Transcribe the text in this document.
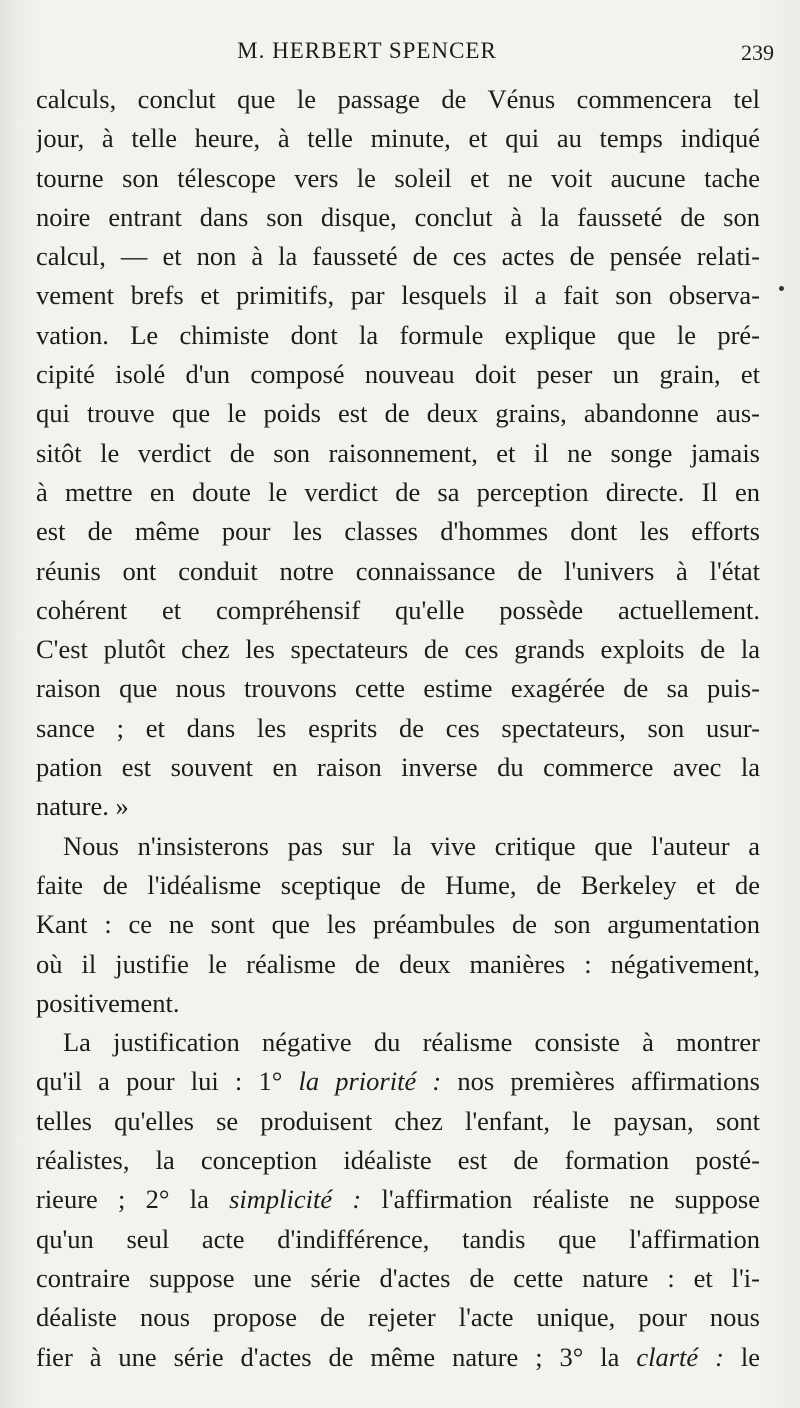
M. HERBERT SPENCER	239
calculs, conclut que le passage de Vénus commencera tel
jour, à telle heure, à telle minute, et qui au temps indiqué
tourne son télescope vers le soleil et ne voit aucune tache
noire entrant dans son disque, conclut à la fausseté de son
calcul, — et non à la fausseté de ces actes de pensée relati-
vement brefs et primitifs, par lesquels il a fait son observa-
vation. Le chimiste dont la formule explique que le pré-
cipité isolé d'un composé nouveau doit peser un grain, et
qui trouve que le poids est de deux grains, abandonne aus-
sitôt le verdict de son raisonnement, et il ne songe jamais
à mettre en doute le verdict de sa perception directe. Il en
est de même pour les classes d'hommes dont les efforts
réunis ont conduit notre connaissance de l'univers à l'état
cohérent et compréhensif qu'elle possède actuellement.
C'est plutôt chez les spectateurs de ces grands exploits de la
raison que nous trouvons cette estime exagérée de sa puis-
sance ; et dans les esprits de ces spectateurs, son usur-
pation est souvent en raison inverse du commerce avec la
nature. »
Nous n'insisterons pas sur la vive critique que l'auteur a
faite de l'idéalisme sceptique de Hume, de Berkeley et de
Kant : ce ne sont que les préambules de son argumentation
où il justifie le réalisme de deux manières : négativement,
positivement.
La justification négative du réalisme consiste à montrer
qu'il a pour lui : 1° la priorité : nos premières affirmations
telles qu'elles se produisent chez l'enfant, le paysan, sont
réalistes, la conception idéaliste est de formation posté-
rieure ; 2° la simplicité : l'affirmation réaliste ne suppose
qu'un seul acte d'indifférence, tandis que l'affirmation
contraire suppose une série d'actes de cette nature : et l'i-
déaliste nous propose de rejeter l'acte unique, pour nous
fier à une série d'actes de même nature ; 3° la clarté : le
